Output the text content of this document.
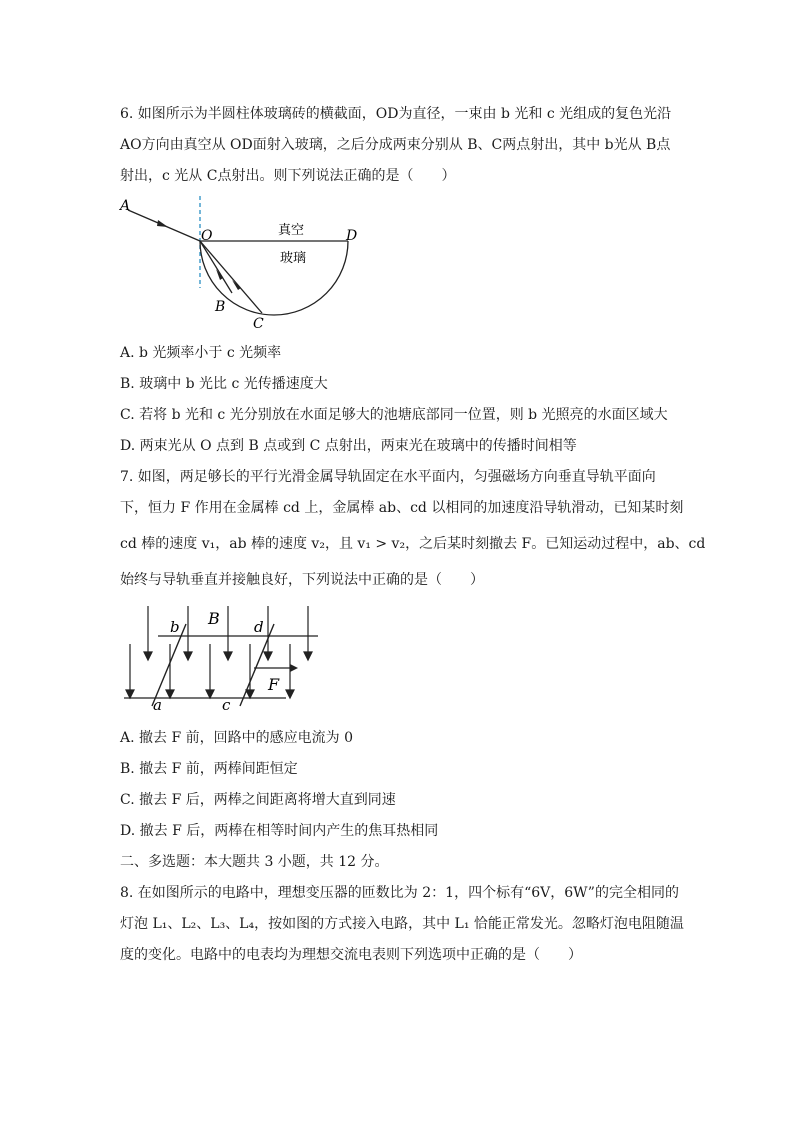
6. 如图所示为半圆柱体玻璃砖的横截面，OD为直径，一束由 b 光和 c 光组成的复色光沿
AO方向由真空从 OD面射入玻璃，之后分成两束分别从 B、C两点射出，其中 b光从 B点
射出，c 光从 C点射出。则下列说法正确的是（　　）
A
O	D
B
C
真空
玻璃
A. b 光频率小于 c 光频率
B. 玻璃中 b 光比 c 光传播速度大
C. 若将 b 光和 c 光分别放在水面足够大的池塘底部同一位置，则 b 光照亮的水面区域大
D. 两束光从 O 点到 B 点或到 C 点射出，两束光在玻璃中的传播时间相等
7. 如图，两足够长的平行光滑金属导轨固定在水平面内，匀强磁场方向垂直导轨平面向
下，恒力 F 作用在金属棒 cd 上，金属棒 ab、cd 以相同的加速度沿导轨滑动，已知某时刻
cd 棒的速度 v₁，ab 棒的速度 v₂，且 v₁ > v₂，之后某时刻撤去 F。已知运动过程中，ab、cd
始终与导轨垂直并接触良好，下列说法中正确的是（　　）
b B d
F
a	c
A. 撤去 F 前，回路中的感应电流为 0
B. 撤去 F 前，两棒间距恒定
C. 撤去 F 后，两棒之间距离将增大直到同速
D. 撤去 F 后，两棒在相等时间内产生的焦耳热相同
二、多选题：本大题共 3 小题，共 12 分。
8. 在如图所示的电路中，理想变压器的匝数比为 2：1，四个标有“6V，6W”的完全相同的
灯泡 L₁、L₂、L₃、L₄，按如图的方式接入电路，其中 L₁ 恰能正常发光。忽略灯泡电阻随温
度的变化。电路中的电表均为理想交流电表则下列选项中正确的是（　　）
